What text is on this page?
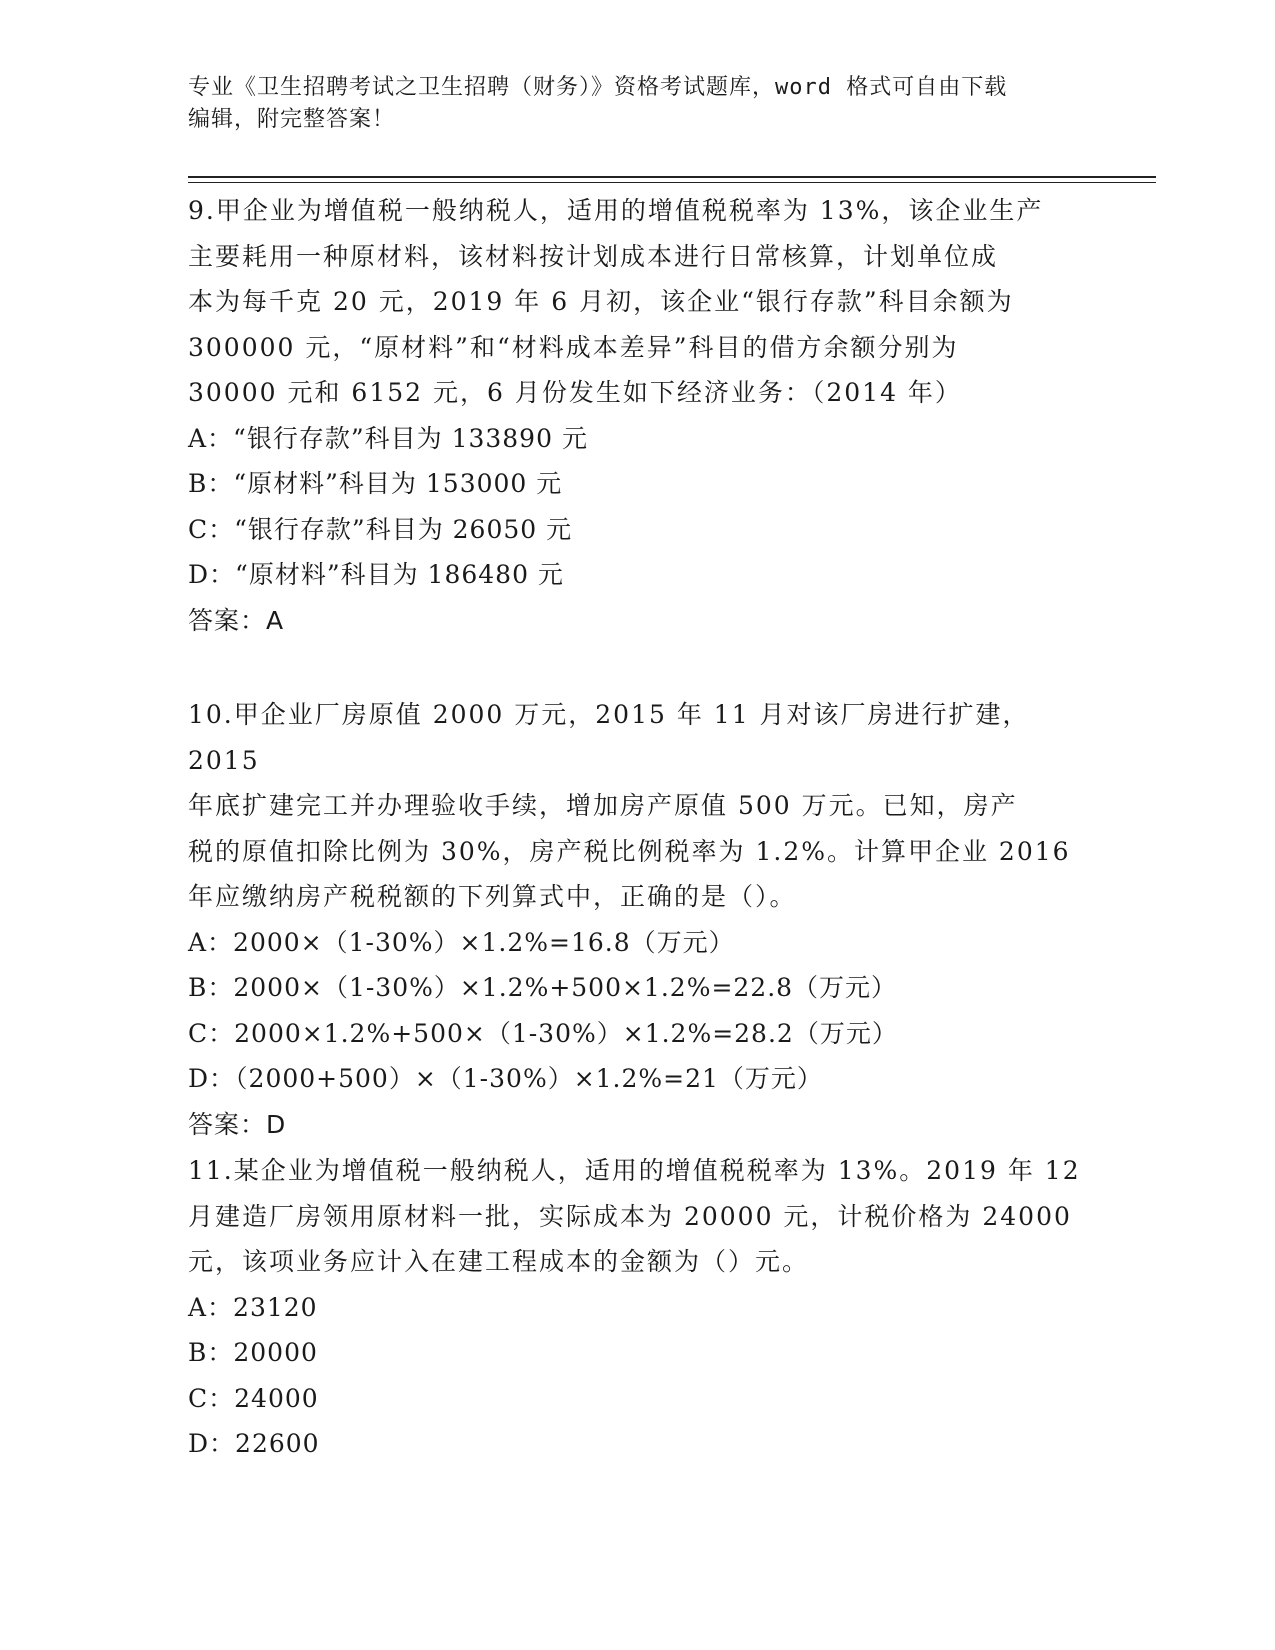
专业《卫生招聘考试之卫生招聘（财务）》资格考试题库，word 格式可自由下载
编辑，附完整答案！
9.甲企业为增值税一般纳税人，适用的增值税税率为 13%，该企业生产
主要耗用一种原材料，该材料按计划成本进行日常核算，计划单位成
本为每千克 20 元，2019 年 6 月初，该企业“银行存款”科目余额为
300000 元，“原材料”和“材料成本差异”科目的借方余额分别为
30000 元和 6152 元，6 月份发生如下经济业务：（2014 年）
A：“银行存款”科目为 133890 元
B：“原材料”科目为 153000 元
C：“银行存款”科目为 26050 元
D：“原材料”科目为 186480 元
答案：A
10.甲企业厂房原值 2000 万元，2015 年 11 月对该厂房进行扩建，2015
年底扩建完工并办理验收手续，增加房产原值 500 万元。已知，房产
税的原值扣除比例为 30%，房产税比例税率为 1.2%。计算甲企业 2016
年应缴纳房产税税额的下列算式中，正确的是（）。
A：2000×（1-30%）×1.2%=16.8（万元）
B：2000×（1-30%）×1.2%+500×1.2%=22.8（万元）
C：2000×1.2%+500×（1-30%）×1.2%=28.2（万元）
D：（2000+500）×（1-30%）×1.2%=21（万元）
答案：D
11.某企业为增值税一般纳税人，适用的增值税税率为 13%。2019 年 12
月建造厂房领用原材料一批，实际成本为 20000 元，计税价格为 24000
元，该项业务应计入在建工程成本的金额为（）元。
A：23120
B：20000
C：24000
D：22600
